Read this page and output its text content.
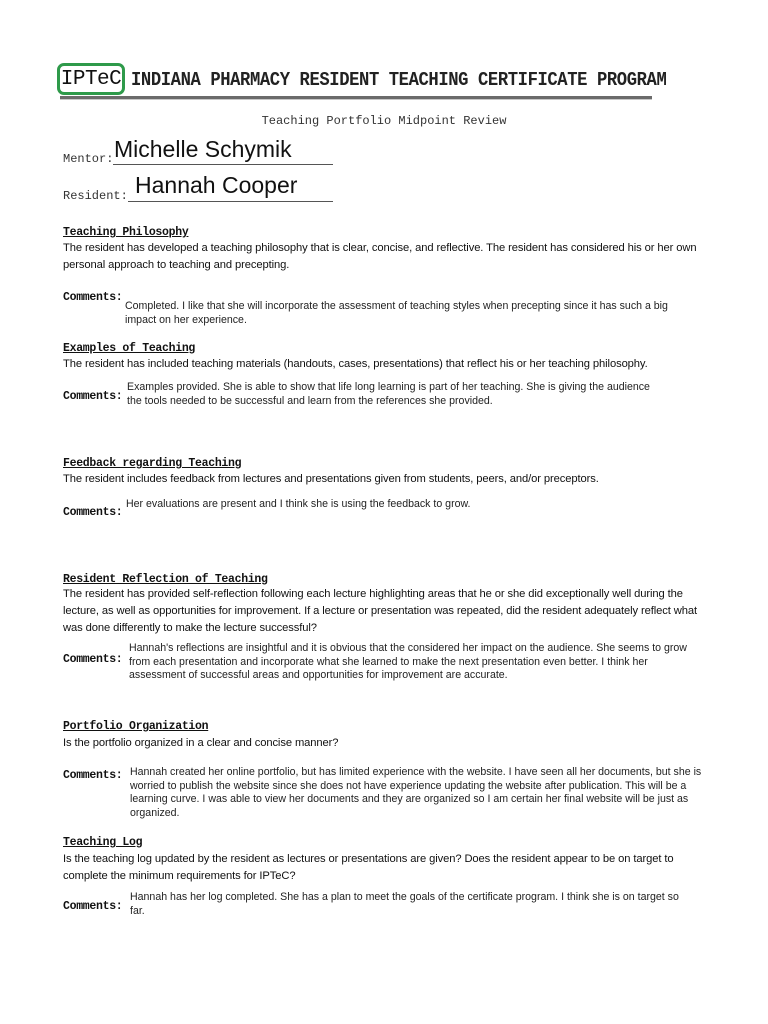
IPTeC INDIANA PHARMACY RESIDENT TEACHING CERTIFICATE PROGRAM
Teaching Portfolio Midpoint Review
Mentor: Michelle Schymik
Resident: Hannah Cooper
Teaching Philosophy
The resident has developed a teaching philosophy that is clear, concise, and reflective. The resident has considered his or her own personal approach to teaching and precepting.
Comments:
Completed. I like that she will incorporate the assessment of teaching styles when precepting since it has such a big impact on her experience.
Examples of Teaching
The resident has included teaching materials (handouts, cases, presentations) that reflect his or her teaching philosophy.
Comments:
Examples provided. She is able to show that life long learning is part of her teaching. She is giving the audience the tools needed to be successful and learn from the references she provided.
Feedback regarding Teaching
The resident includes feedback from lectures and presentations given from students, peers, and/or preceptors.
Comments:
Her evaluations are present and I think she is using the feedback to grow.
Resident Reflection of Teaching
The resident has provided self-reflection following each lecture highlighting areas that he or she did exceptionally well during the lecture, as well as opportunities for improvement. If a lecture or presentation was repeated, did the resident adequately reflect what was done differently to make the lecture successful?
Comments:
Hannah's reflections are insightful and it is obvious that the considered her impact on the audience. She seems to grow from each presentation and incorporate what she learned to make the next presentation even better. I think her assessment of successful areas and opportunities for improvement are accurate.
Portfolio Organization
Is the portfolio organized in a clear and concise manner?
Comments: Hannah created her online portfolio, but has limited experience with the website. I have seen all her documents, but she is worried to publish the website since she does not have experience updating the website after publication. This will be a learning curve. I was able to view her documents and they are organized so I am certain her final website will be just as organized.
Teaching Log
Is the teaching log updated by the resident as lectures or presentations are given? Does the resident appear to be on target to complete the minimum requirements for IPTeC?
Comments:
Hannah has her log completed. She has a plan to meet the goals of the certificate program. I think she is on target so far.
